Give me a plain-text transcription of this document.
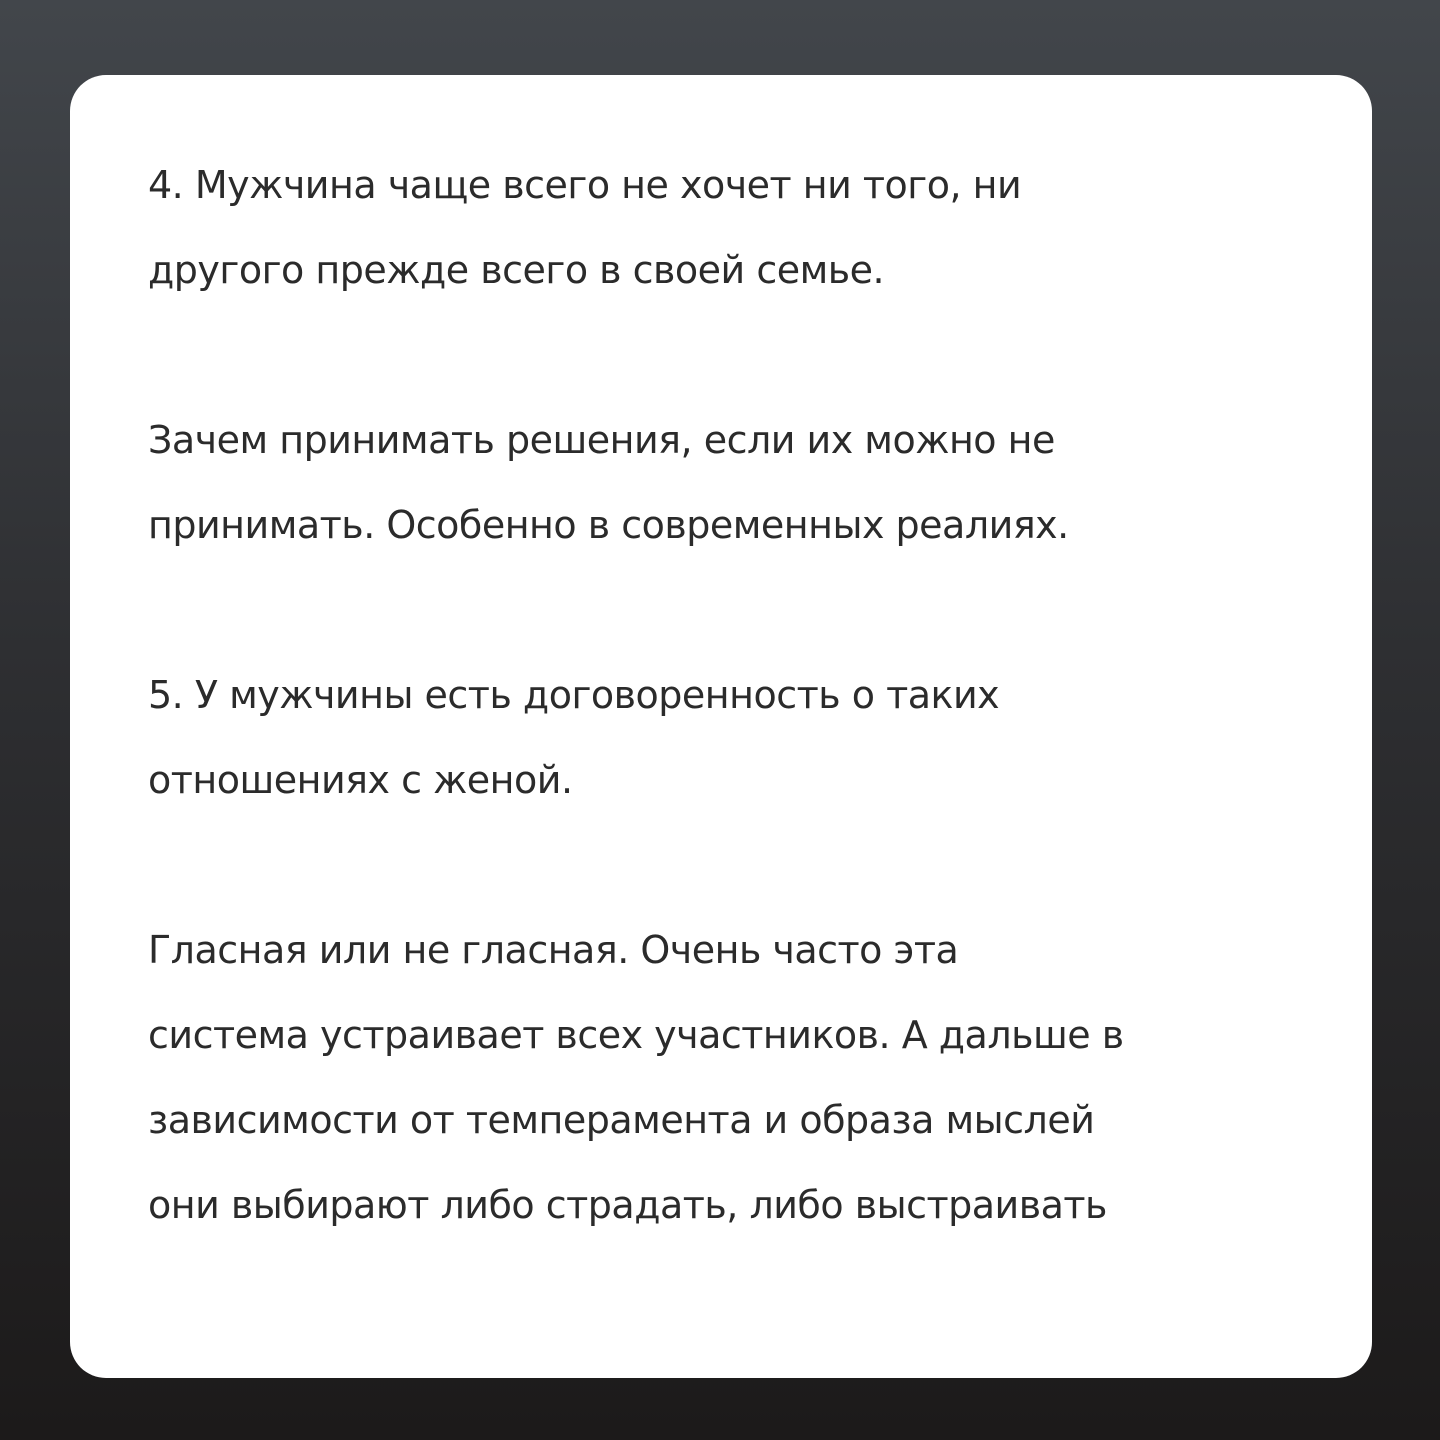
4. Мужчина чаще всего не хочет ни того, ни
другого прежде всего в своей семье.

Зачем принимать решения, если их можно не
принимать. Особенно в современных реалиях.

5. У мужчины есть договоренность о таких
отношениях с женой.

Гласная или не гласная. Очень часто эта
система устраивает всех участников. А дальше в
зависимости от темперамента и образа мыслей
они выбирают либо страдать, либо выстраивать
